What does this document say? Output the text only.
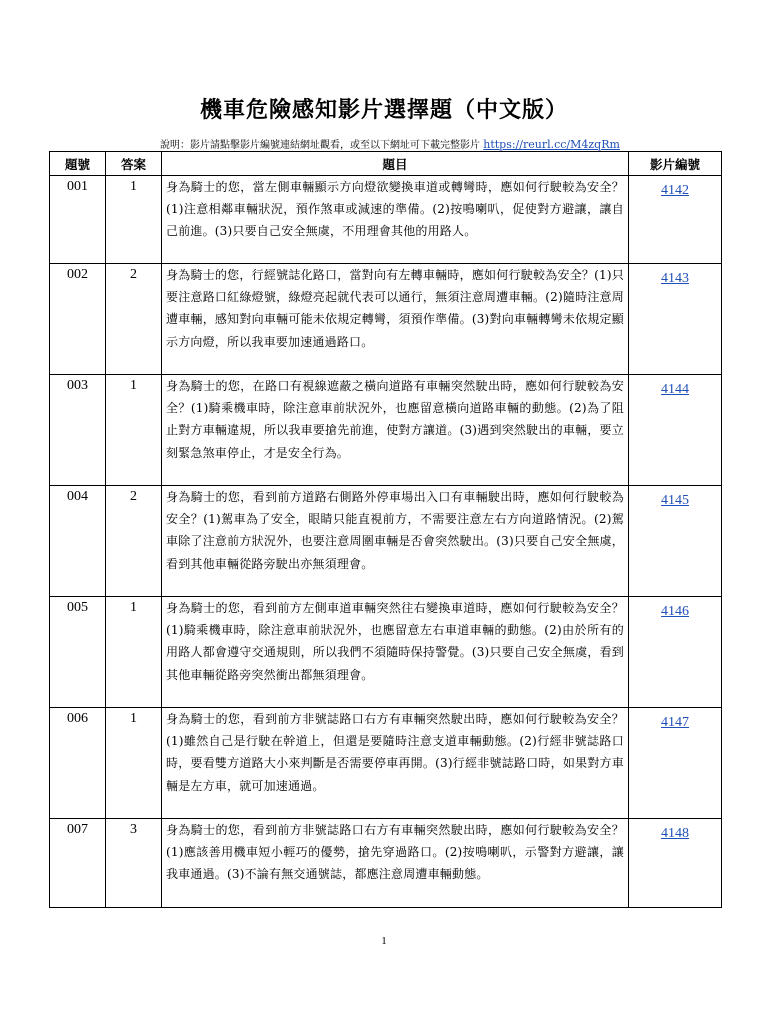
機車危險感知影片選擇題（中文版）
說明：影片請點擊影片編號連結網址觀看，或至以下網址可下載完整影片 https://reurl.cc/M4zqRm
題號	答案	題目	影片編號
001	1	身為騎士的您，當左側車輛顯示方向燈欲變換車道或轉彎時，應如何行駛較為安全？(1)注意相鄰車輛狀況，預作煞車或減速的準備。(2)按鳴喇叭，促使對方避讓，讓自己前進。(3)只要自己安全無虞，不用理會其他的用路人。	4142
002	2	身為騎士的您，行經號誌化路口，當對向有左轉車輛時，應如何行駛較為安全？(1)只要注意路口紅綠燈號，綠燈亮起就代表可以通行，無須注意周遭車輛。(2)隨時注意周遭車輛，感知對向車輛可能未依規定轉彎，須預作準備。(3)對向車輛轉彎未依規定顯示方向燈，所以我車要加速通過路口。	4143
003	1	身為騎士的您，在路口有視線遮蔽之橫向道路有車輛突然駛出時，應如何行駛較為安全？(1)騎乘機車時，除注意車前狀況外，也應留意橫向道路車輛的動態。(2)為了阻止對方車輛違規，所以我車要搶先前進，使對方讓道。(3)遇到突然駛出的車輛，要立刻緊急煞車停止，才是安全行為。	4144
004	2	身為騎士的您，看到前方道路右側路外停車場出入口有車輛駛出時，應如何行駛較為安全？(1)駕車為了安全，眼睛只能直視前方，不需要注意左右方向道路情況。(2)駕車除了注意前方狀況外，也要注意周圍車輛是否會突然駛出。(3)只要自己安全無虞，看到其他車輛從路旁駛出亦無須理會。	4145
005	1	身為騎士的您，看到前方左側車道車輛突然往右變換車道時，應如何行駛較為安全？(1)騎乘機車時，除注意車前狀況外，也應留意左右車道車輛的動態。(2)由於所有的用路人都會遵守交通規則，所以我們不須隨時保持警覺。(3)只要自己安全無虞，看到其他車輛從路旁突然衝出都無須理會。	4146
006	1	身為騎士的您，看到前方非號誌路口右方有車輛突然駛出時，應如何行駛較為安全？(1)雖然自己是行駛在幹道上，但還是要隨時注意支道車輛動態。(2)行經非號誌路口時，要看雙方道路大小來判斷是否需要停車再開。(3)行經非號誌路口時，如果對方車輛是左方車，就可加速通過。	4147
007	3	身為騎士的您，看到前方非號誌路口右方有車輛突然駛出時，應如何行駛較為安全？(1)應該善用機車短小輕巧的優勢，搶先穿過路口。(2)按鳴喇叭，示警對方避讓，讓我車通過。(3)不論有無交通號誌，都應注意周遭車輛動態。	4148
1
